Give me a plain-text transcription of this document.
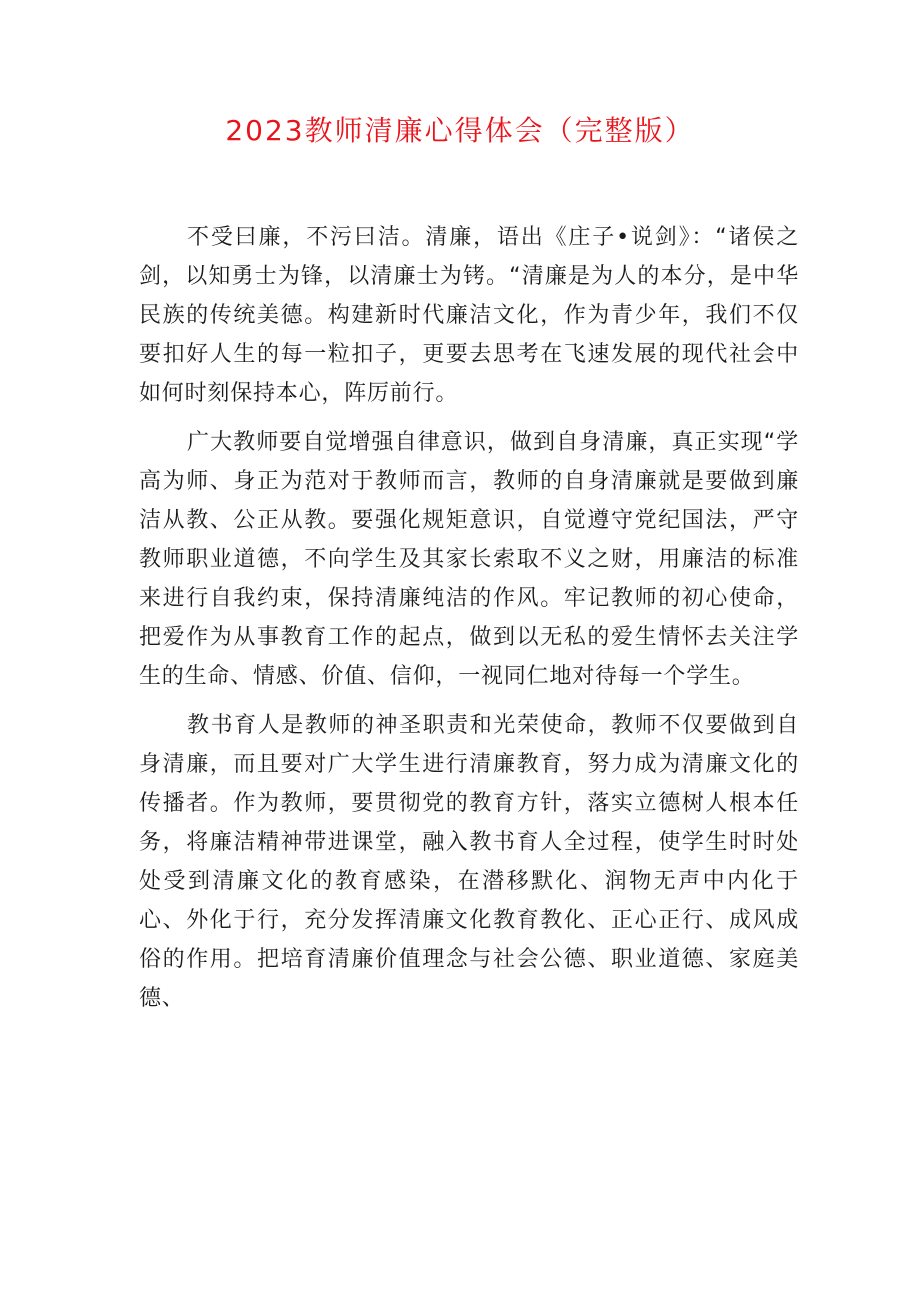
2023教师清廉心得体会（完整版）

不受曰廉，不污曰洁。清廉，语出《庄子•说剑》：“诸侯之剑，以知勇士为锋，以清廉士为铐。“清廉是为人的本分，是中华民族的传统美德。构建新时代廉洁文化，作为青少年，我们不仅要扣好人生的每一粒扣子，更要去思考在飞速发展的现代社会中如何时刻保持本心，阵厉前行。

广大教师要自觉增强自律意识，做到自身清廉，真正实现“学高为师、身正为范对于教师而言，教师的自身清廉就是要做到廉洁从教、公正从教。要强化规矩意识，自觉遵守党纪国法，严守教师职业道德，不向学生及其家长索取不义之财，用廉洁的标准来进行自我约束，保持清廉纯洁的作风。牢记教师的初心使命，把爱作为从事教育工作的起点，做到以无私的爱生情怀去关注学生的生命、情感、价值、信仰，一视同仁地对待每一个学生。

教书育人是教师的神圣职责和光荣使命，教师不仅要做到自身清廉，而且要对广大学生进行清廉教育，努力成为清廉文化的传播者。作为教师，要贯彻党的教育方针，落实立德树人根本任务，将廉洁精神带进课堂，融入教书育人全过程，使学生时时处处受到清廉文化的教育感染，在潜移默化、润物无声中内化于心、外化于行，充分发挥清廉文化教育教化、正心正行、成风成俗的作用。把培育清廉价值理念与社会公德、职业道德、家庭美德、
